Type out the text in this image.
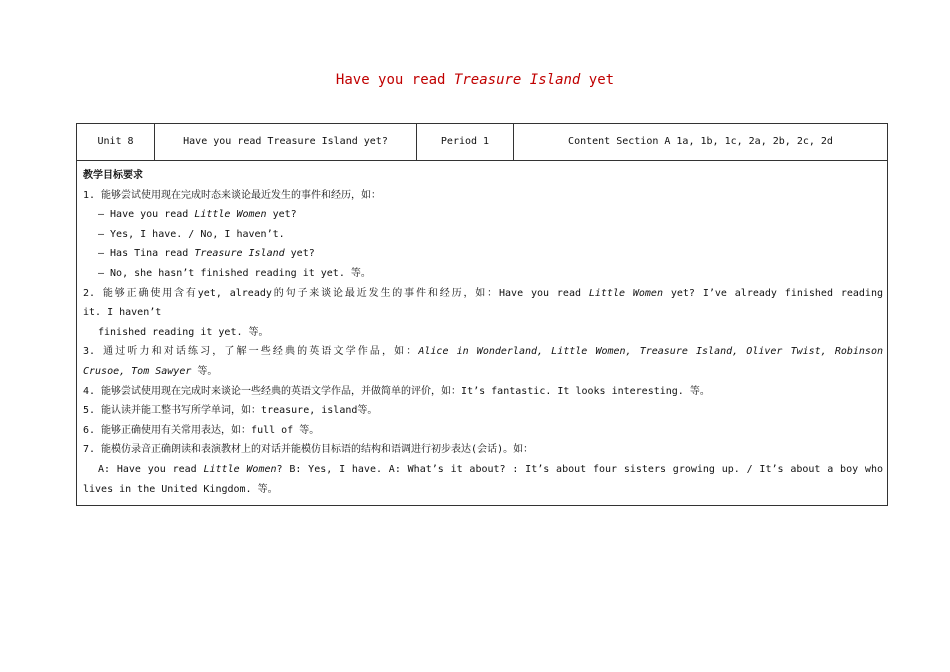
Have you read Treasure Island yet
Unit 8	Have you read Treasure Island yet?	Period 1	Content Section A 1a, 1b, 1c, 2a, 2b, 2c, 2d
教学目标要求
1. 能够尝试使用现在完成时态来谈论最近发生的事件和经历，如：
— Have you read Little Women yet?
— Yes, I have. / No, I haven’t.
— Has Tina read Treasure Island yet?
— No, she hasn’t finished reading it yet. 等。
2. 能够正确使用含有yet, already的句子来谈论最近发生的事件和经历，如：Have you read Little Women yet? I’ve already finished reading
it. I haven’t
finished reading it yet. 等。
3. 通过听力和对话练习，了解一些经典的英语文学作品，如：Alice in Wonderland, Little Women, Treasure Island, Oliver Twist, Robinson
Crusoe, Tom Sawyer 等。
4. 能够尝试使用现在完成时来谈论一些经典的英语文学作品，并做简单的评价，如：It’s fantastic. It looks interesting. 等。
5. 能认读并能工整书写所学单词，如：treasure, island等。
6. 能够正确使用有关常用表达，如：full of 等。
7. 能模仿录音正确朗读和表演教材上的对话并能模仿目标语的结构和语调进行初步表达(会话)。如：
A: Have you read Little Women? B: Yes, I have. A: What’s it about? : It’s about four sisters growing up. / It’s about a boy who
lives in the United Kingdom. 等。
